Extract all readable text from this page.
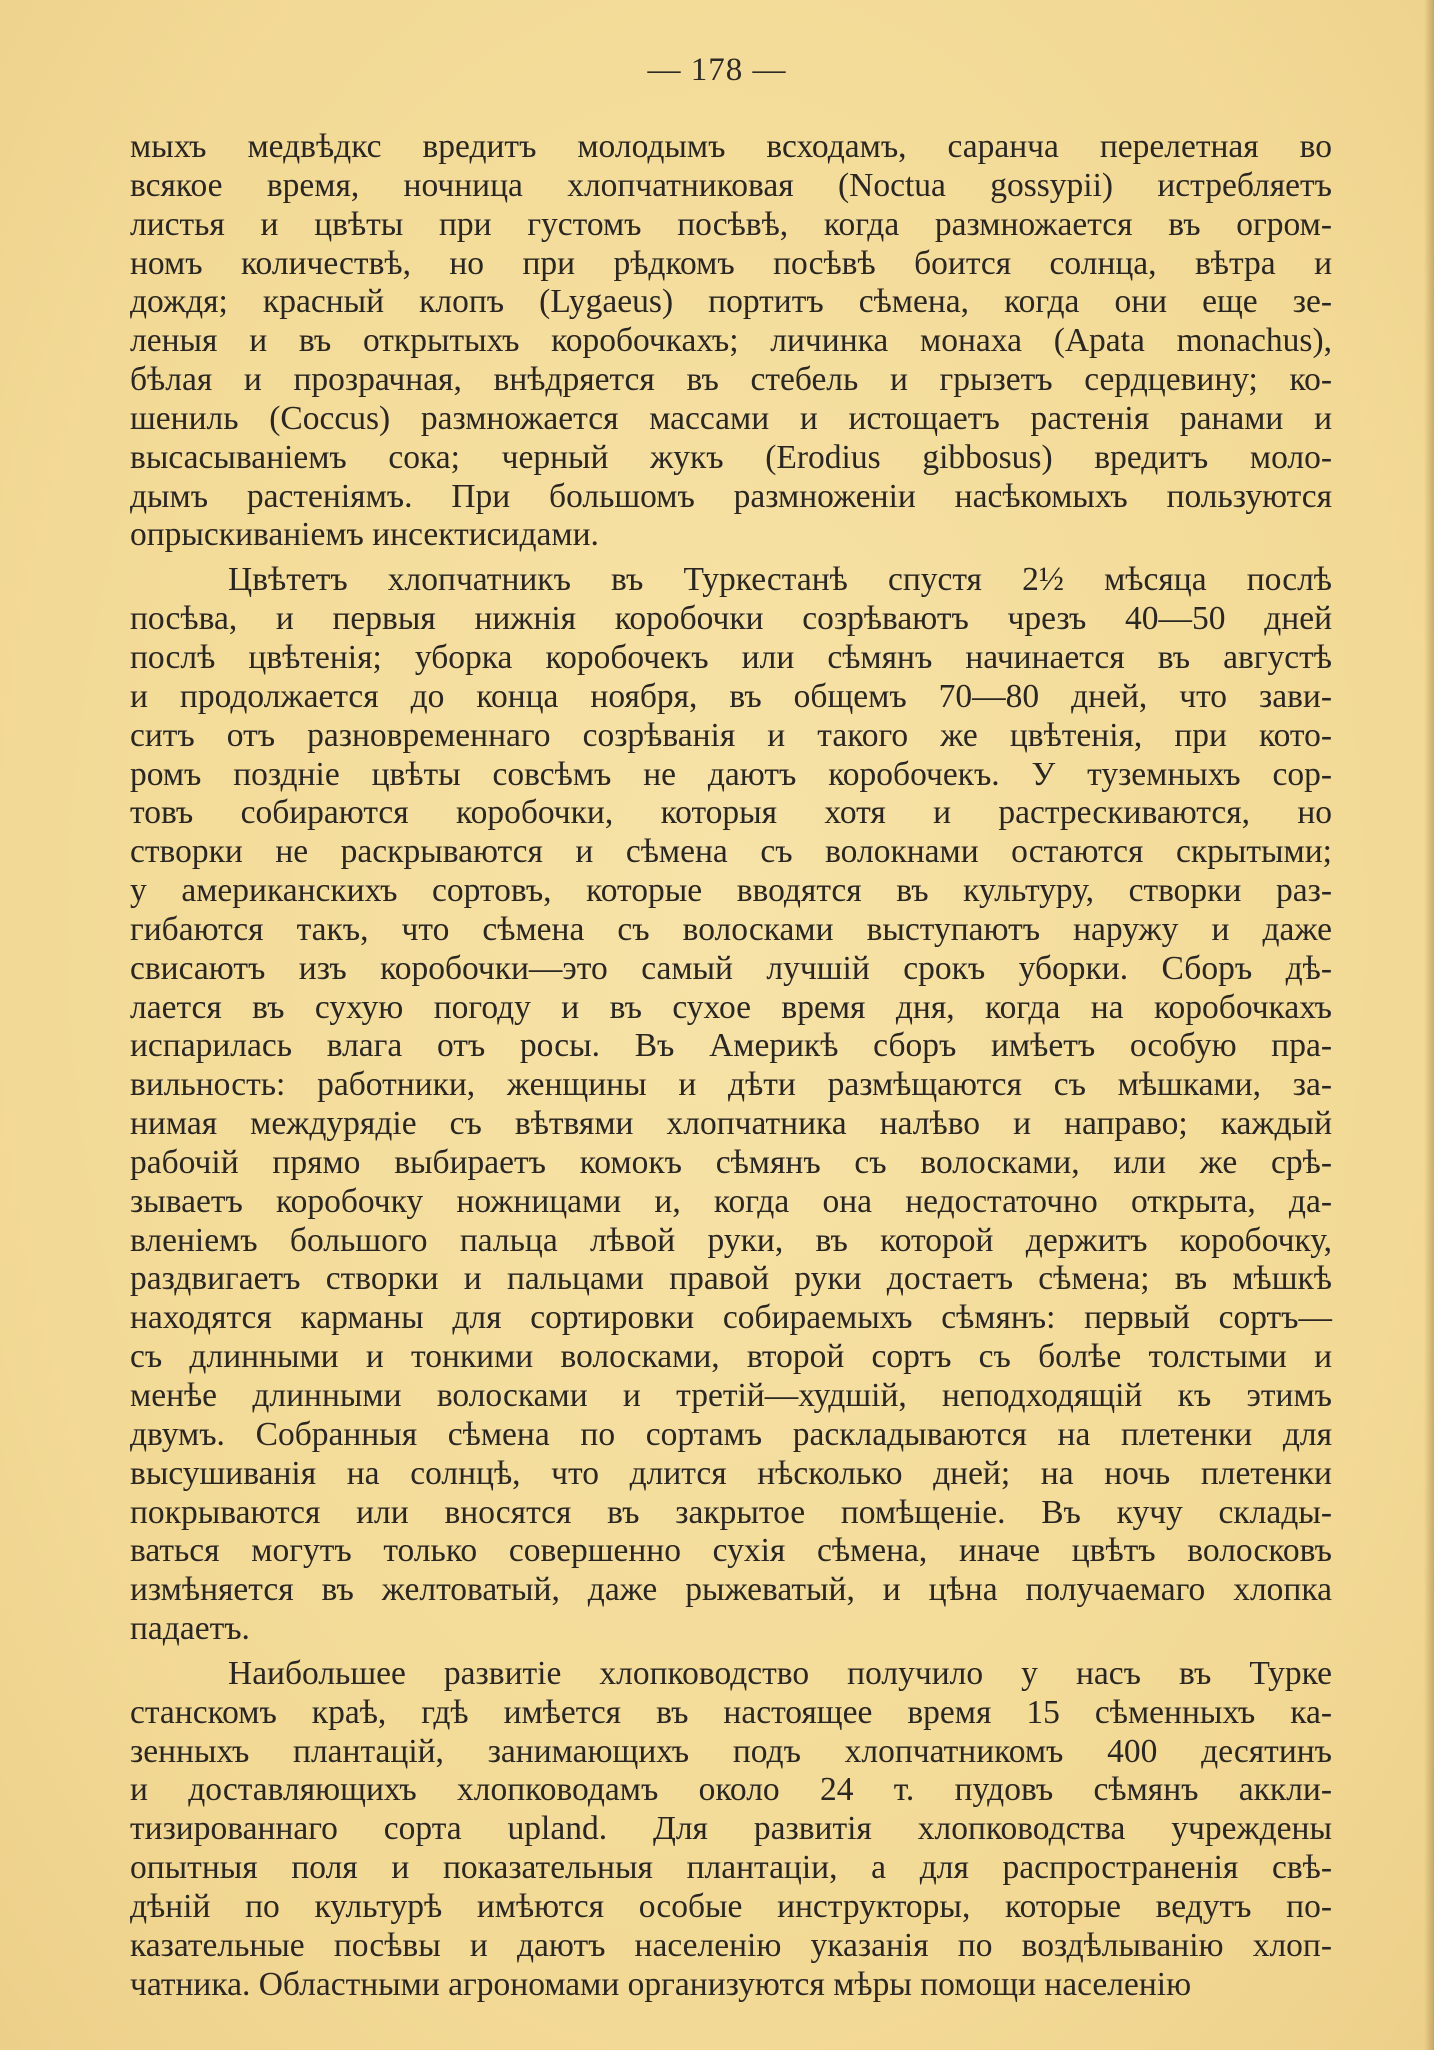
— 178 —
мыхъ медвѣдкс вредитъ молодымъ всходамъ, саранча перелетная во
всякое время, ночница хлопчатниковая (Noctua gossypii) истребляетъ
листья и цвѣты при густомъ посѣвѣ, когда размножается въ огром-
номъ количествѣ, но при рѣдкомъ посѣвѣ боится солнца, вѣтра и
дождя; красный клопъ (Lygaeus) портитъ сѣмена, когда они еще зе-
леныя и въ открытыхъ коробочкахъ; личинка монаха (Apata monachus),
бѣлая и прозрачная, внѣдряется въ стебель и грызетъ сердцевину; ко-
шениль (Coccus) размножается массами и истощаетъ растенія ранами и
высасываніемъ сока; черный жукъ (Erodius gibbosus) вредитъ моло-
дымъ растеніямъ. При большомъ размноженіи насѣкомыхъ пользуются
опрыскиваніемъ инсектисидами.
Цвѣтетъ хлопчатникъ въ Туркестанѣ спустя 2½ мѣсяца послѣ
посѣва, и первыя нижнія коробочки созрѣваютъ чрезъ 40—50 дней
послѣ цвѣтенія; уборка коробочекъ или сѣмянъ начинается въ августѣ
и продолжается до конца ноября, въ общемъ 70—80 дней, что зави-
ситъ отъ разновременнаго созрѣванія и такого же цвѣтенія, при кото-
ромъ поздніе цвѣты совсѣмъ не даютъ коробочекъ. У туземныхъ сор-
товъ собираются коробочки, которыя хотя и растрескиваются, но
створки не раскрываются и сѣмена съ волокнами остаются скрытыми;
у американскихъ сортовъ, которые вводятся въ культуру, створки раз-
гибаются такъ, что сѣмена съ волосками выступаютъ наружу и даже
свисаютъ изъ коробочки—это самый лучшій срокъ уборки. Сборъ дѣ-
лается въ сухую погоду и въ сухое время дня, когда на коробочкахъ
испарилась влага отъ росы. Въ Америкѣ сборъ имѣетъ особую пра-
вильность: работники, женщины и дѣти размѣщаются съ мѣшками, за-
нимая междурядіе съ вѣтвями хлопчатника налѣво и направо; каждый
рабочій прямо выбираетъ комокъ сѣмянъ съ волосками, или же срѣ-
зываетъ коробочку ножницами и, когда она недостаточно открыта, да-
вленіемъ большого пальца лѣвой руки, въ которой держитъ коробочку,
раздвигаетъ створки и пальцами правой руки достаетъ сѣмена; въ мѣшкѣ
находятся карманы для сортировки собираемыхъ сѣмянъ: первый сортъ—
съ длинными и тонкими волосками, второй сортъ съ болѣе толстыми и
менѣе длинными волосками и третій—худшій, неподходящій къ этимъ
двумъ. Собранныя сѣмена по сортамъ раскладываются на плетенки для
высушиванія на солнцѣ, что длится нѣсколько дней; на ночь плетенки
покрываются или вносятся въ закрытое помѣщеніе. Въ кучу склады-
ваться могутъ только совершенно сухія сѣмена, иначе цвѣтъ волосковъ
измѣняется въ желтоватый, даже рыжеватый, и цѣна получаемаго хлопка
падаетъ.
Наибольшее развитіе хлопководство получило у насъ въ Турке
станскомъ краѣ, гдѣ имѣется въ настоящее время 15 сѣменныхъ ка-
зенныхъ плантацій, занимающихъ подъ хлопчатникомъ 400 десятинъ
и доставляющихъ хлопководамъ около 24 т. пудовъ сѣмянъ аккли-
тизированнаго сорта upland. Для развитія хлопководства учреждены
опытныя поля и показательныя плантаціи, а для распространенія свѣ-
дѣній по культурѣ имѣются особые инструкторы, которые ведутъ по-
казательные посѣвы и даютъ населенію указанія по воздѣлыванію хлоп-
чатника. Областными агрономами организуются мѣры помощи населенію
